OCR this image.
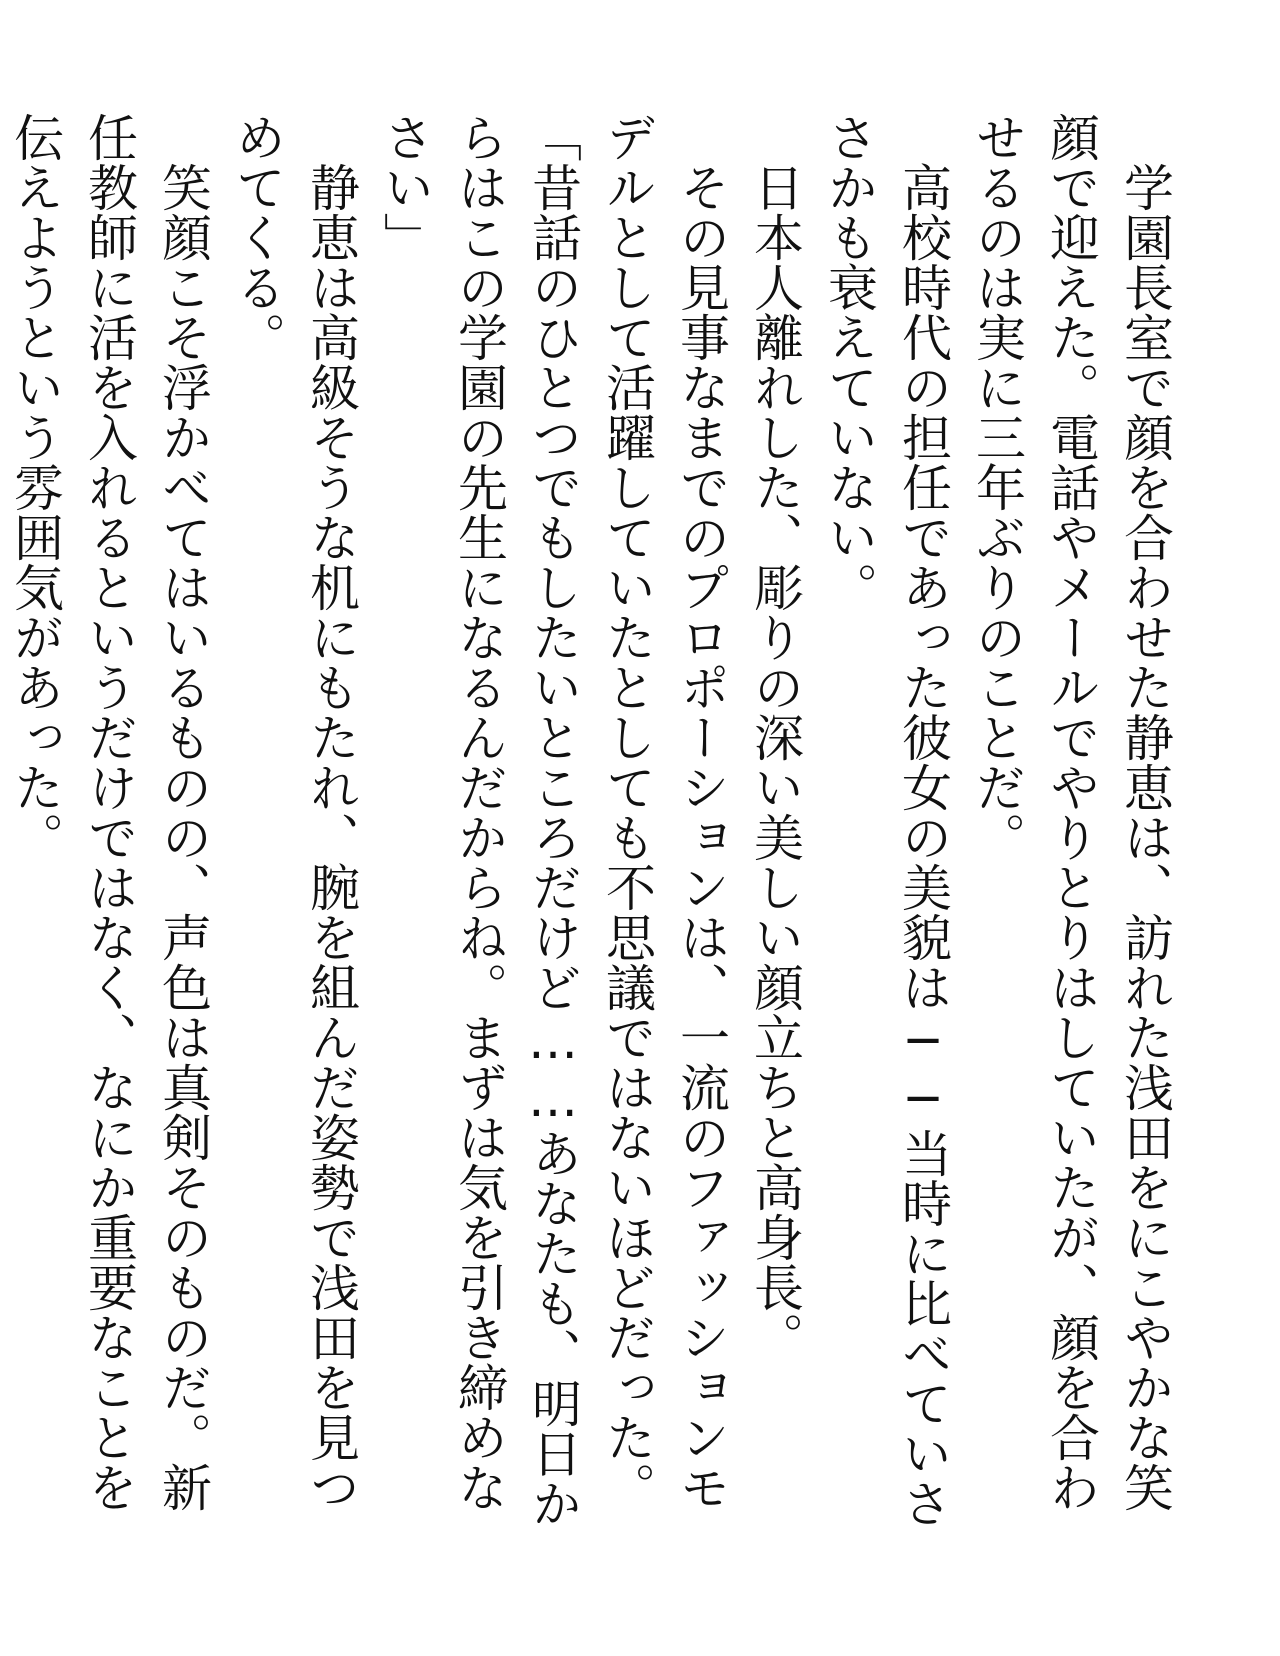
学園長室で顔を合わせた静恵は、訪れた浅田をにこやかな笑顔で迎えた。電話やメールでやりとりはしていたが、顔を合わせるのは実に三年ぶりのことだ。

高校時代の担任であった彼女の美貌は──当時に比べていささかも衰えていない。

日本人離れした、彫りの深い美しい顔立ちと高身長。

その見事なまでのプロポーションは、一流のファッションモデルとして活躍していたとしても不思議ではないほどだった。

「昔話のひとつでもしたいところだけど……あなたも、明日からはこの学園の先生になるんだからね。まずは気を引き締めなさい」

静恵は高級そうな机にもたれ、腕を組んだ姿勢で浅田を見つめてくる。

笑顔こそ浮かべてはいるものの、声色は真剣そのものだ。新任教師に活を入れるというだけではなく、なにか重要なことを伝えようという雰囲気があった。
